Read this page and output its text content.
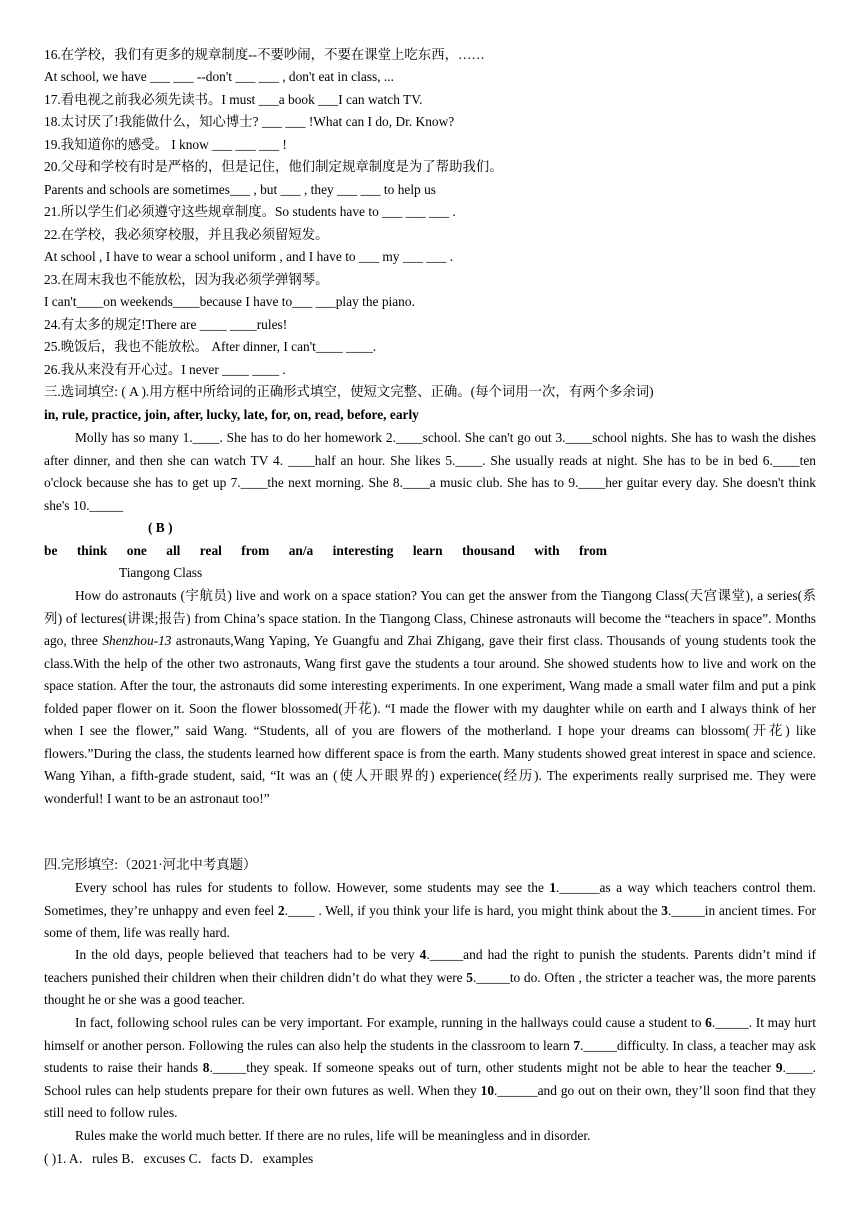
16.在学校，我们有更多的规章制度--不要吵闹，不要在课堂上吃东西，……
At school, we have ___ ___ --don't ___ ___ , don't eat in class, ...
17.看电视之前我必须先读书。I must ___a book ___I can watch TV.
18.太讨厌了!我能做什么，知心博士? ___ ___ !What can I do, Dr. Know?
19.我知道你的感受。 I know ___ ___ ___ !
20.父母和学校有时是严格的，但是记住，他们制定规章制度是为了帮助我们。
Parents and schools are sometimes___ , but ___ , they ___ ___ to help us
21.所以学生们必须遵守这些规章制度。So students have to ___ ___ ___ .
22.在学校，我必须穿校服，并且我必须留短发。
At school , I have to wear a school uniform , and I have to ___ my ___ ___ .
23.在周末我也不能放松，因为我必须学弹钢琴。
I can't____on weekends____because I have to___ ___play the piano.
24.有太多的规定!There are ____ ____rules!
25.晚饭后，我也不能放松。 After dinner, I can't____ ____.
26.我从来没有开心过。I never ____ ____ .
三.选词填空: ( A ).用方框中所给词的正确形式填空，使短文完整、正确。(每个词用一次，有两个多余词)
in, rule, practice, join, after, lucky, late, for, on, read, before, early
Molly has so many 1.____. She has to do her homework 2.____school. She can't go out 3.____school nights. She has to wash the dishes after dinner, and then she can watch TV 4. ____half an hour. She likes 5.____. She usually reads at night. She has to be in bed 6.____ten o'clock because she has to get up 7.____the next morning. She 8.____a music club. She has to 9.____her guitar every day. She doesn't think she's 10._____
( B )
be think one all real from an/a interesting learn thousand with from
Tiangong Class
How do astronauts (宇航员) live and work on a space station? You can get the answer from the Tiangong Class(天宫课堂), a series(系列) of lectures(讲课;报告) from China’s space station. In the Tiangong Class, Chinese astronauts will become the “teachers in space”. Months ago, three Shenzhou-13 astronauts,Wang Yaping, Ye Guangfu and Zhai Zhigang, gave their first class. Thousands of young students took the class.With the help of the other two astronauts, Wang first gave the students a tour around. She showed students how to live and work on the space station. After the tour, the astronauts did some interesting experiments. In one experiment, Wang made a small water film and put a pink folded paper flower on it. Soon the flower blossomed(开花). “I made the flower with my daughter while on earth and I always think of her when I see the flower,” said Wang. “Students, all of you are flowers of the motherland. I hope your dreams can blossom(开花) like flowers.”During the class, the students learned how different space is from the earth. Many students showed great interest in space and science. Wang Yihan, a fifth-grade student, said, “It was an (使人开眼界的) experience(经历). The experiments really surprised me. They were wonderful! I want to be an astronaut too!”
四.完形填空:（2021·河北中考真题）
Every school has rules for students to follow. However, some students may see the 1.______as a way which teachers control them. Sometimes, they’re unhappy and even feel 2.____ . Well, if you think your life is hard, you might think about the 3._____in ancient times. For some of them, life was really hard.
In the old days, people believed that teachers had to be very 4._____and had the right to punish the students. Parents didn’t mind if teachers punished their children when their children didn’t do what they were 5._____to do. Often , the stricter a teacher was, the more parents thought he or she was a good teacher.
In fact, following school rules can be very important. For example, running in the hallways could cause a student to 6._____. It may hurt himself or another person. Following the rules can also help the students in the classroom to learn 7._____difficulty. In class, a teacher may ask students to raise their hands 8._____they speak. If someone speaks out of turn, other students might not be able to hear the teacher 9.____. School rules can help students prepare for their own futures as well. When they 10.______and go out on their own, they’ll soon find that they still need to follow rules.
Rules make the world much better. If there are no rules, life will be meaningless and in disorder.
( )1. A．rules B．excuses C．facts D．examples
